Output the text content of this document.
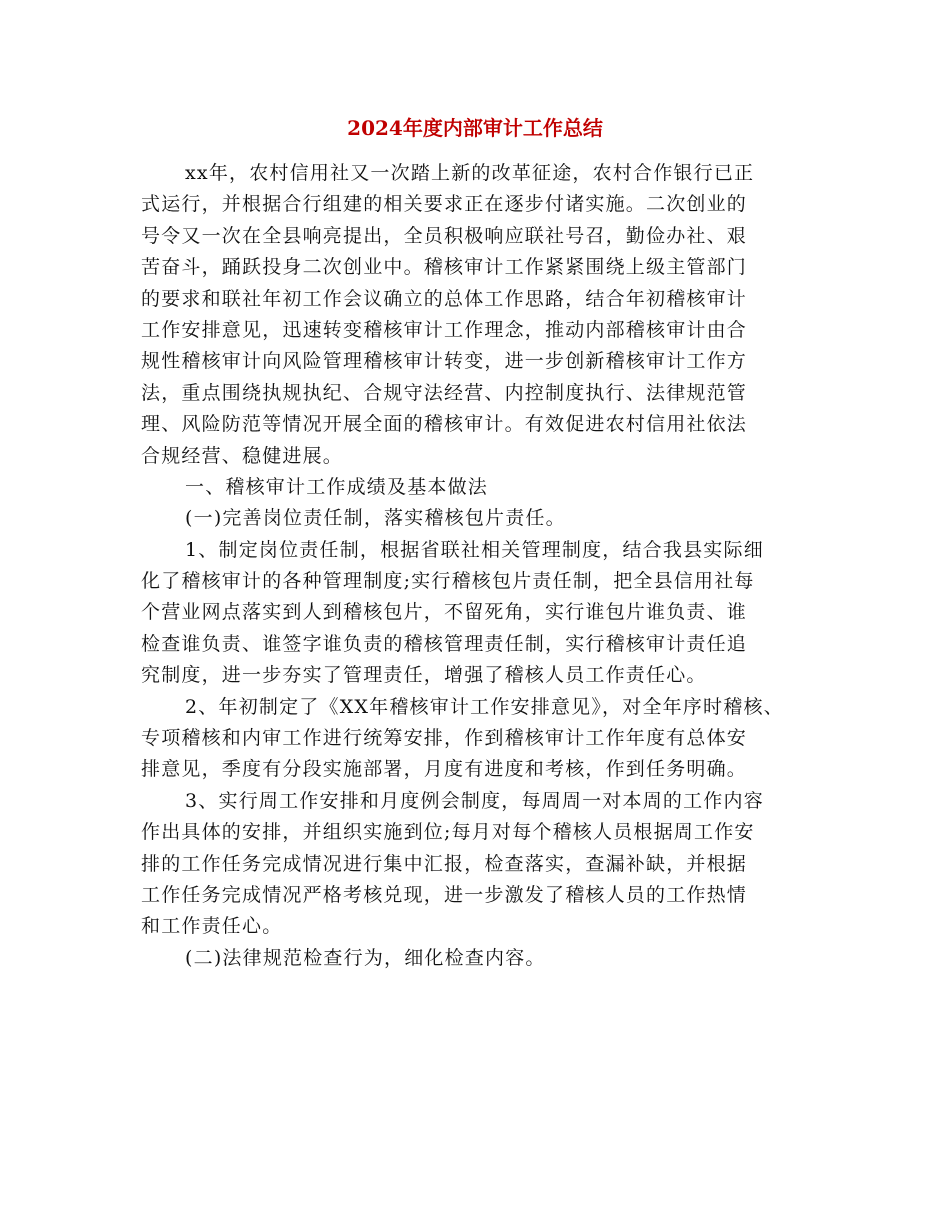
2024年度内部审计工作总结
xx年，农村信用社又一次踏上新的改革征途，农村合作银行已正
式运行，并根据合行组建的相关要求正在逐步付诸实施。二次创业的
号令又一次在全县响亮提出，全员积极响应联社号召，勤俭办社、艰
苦奋斗，踊跃投身二次创业中。稽核审计工作紧紧围绕上级主管部门
的要求和联社年初工作会议确立的总体工作思路，结合年初稽核审计
工作安排意见，迅速转变稽核审计工作理念，推动内部稽核审计由合
规性稽核审计向风险管理稽核审计转变，进一步创新稽核审计工作方
法，重点围绕执规执纪、合规守法经营、内控制度执行、法律规范管
理、风险防范等情况开展全面的稽核审计。有效促进农村信用社依法
合规经营、稳健进展。
一、稽核审计工作成绩及基本做法
(一)完善岗位责任制，落实稽核包片责任。
1、制定岗位责任制，根据省联社相关管理制度，结合我县实际细
化了稽核审计的各种管理制度;实行稽核包片责任制，把全县信用社每
个营业网点落实到人到稽核包片，不留死角，实行谁包片谁负责、谁
检查谁负责、谁签字谁负责的稽核管理责任制，实行稽核审计责任追
究制度，进一步夯实了管理责任，增强了稽核人员工作责任心。
2、年初制定了《XX年稽核审计工作安排意见》，对全年序时稽核、
专项稽核和内审工作进行统筹安排，作到稽核审计工作年度有总体安
排意见，季度有分段实施部署，月度有进度和考核，作到任务明确。
3、实行周工作安排和月度例会制度，每周周一对本周的工作内容
作出具体的安排，并组织实施到位;每月对每个稽核人员根据周工作安
排的工作任务完成情况进行集中汇报，检查落实，查漏补缺，并根据
工作任务完成情况严格考核兑现，进一步激发了稽核人员的工作热情
和工作责任心。
(二)法律规范检查行为，细化检查内容。
